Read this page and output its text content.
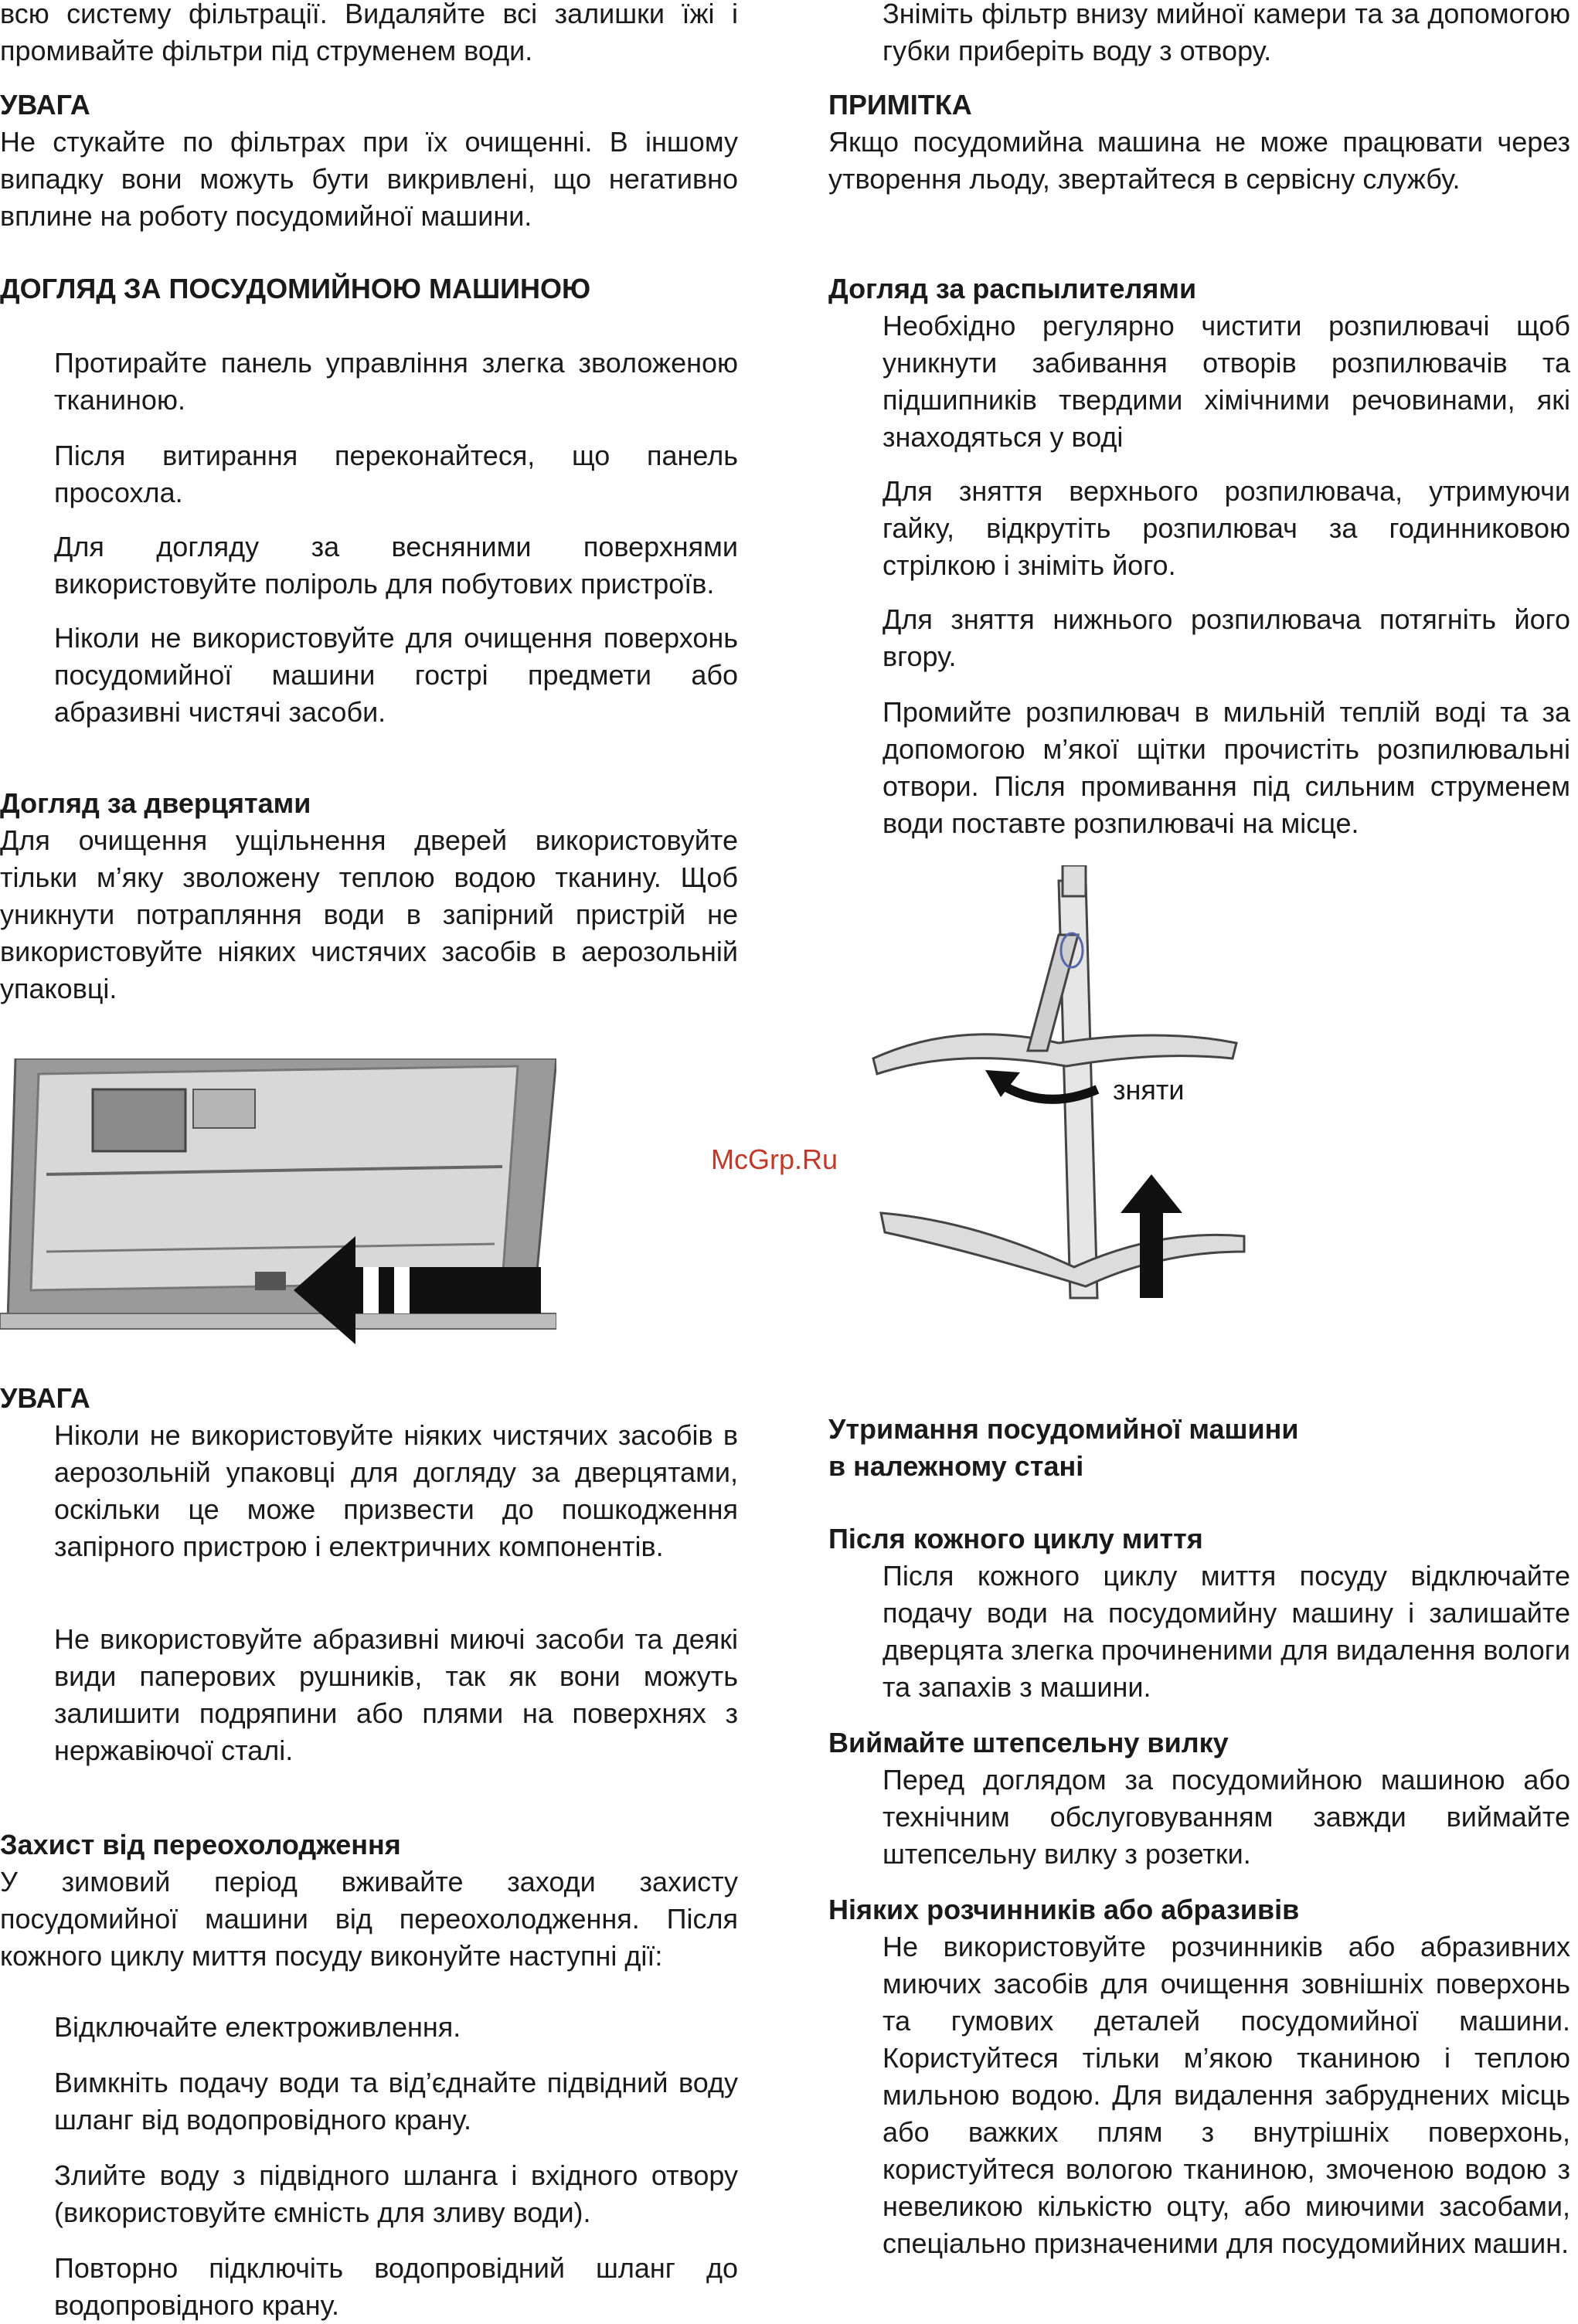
всю систему фільтрації. Видаляйте всі залишки їжі і промивайте фільтри під струменем води.

УВАГА

Не стукайте по фільтрах при їх очищенні. В іншому випадку вони можуть бути викривлені, що негативно вплине на роботу посудомийної машини.

ДОГЛЯД ЗА ПОСУДОМИЙНОЮ МАШИНОЮ

Протирайте панель управління злегка зволоженою тканиною.

Після витирання переконайтеся, що панель просохла.

Для догляду за весняними поверхнями використовуйте поліроль для побутових пристроїв.

Ніколи не використовуйте для очищення поверхонь посудомийної машини гострі предмети або абразивні чистячі засоби.

Догляд за дверцятами

Для очищення ущільнення дверей використовуйте тільки м’яку зволожену теплою водою тканину. Щоб уникнути потрапляння води в запірний пристрій не використовуйте ніяких чистячих засобів в аерозольній упаковці.

УВАГА

Ніколи не використовуйте ніяких чистячих засобів в аерозольній упаковці для догляду за дверцятами, оскільки це може призвести до пошкодження запірного пристрою і електричних компонентів.

Не використовуйте абразивні миючі засоби та деякі види паперових рушників, так як вони можуть залишити подряпини або плями на поверхнях з нержавіючої сталі.

Захист від переохолодження

У зимовий період вживайте заходи захисту посудомийної машини від переохолодження. Після кожного циклу миття посуду виконуйте наступні дії:

Відключайте електроживлення.

Вимкніть подачу води та від’єднайте підвідний воду шланг від водопровідного крану.

Злийте воду з підвідного шланга і вхідного отвору (використовуйте ємність для зливу води).

Повторно підключіть водопровідний шланг до водопровідного крану.

Зніміть фільтр внизу мийної камери та за допомогою губки приберіть воду з отвору.

ПРИМІТКА

Якщо посудомийна машина не може працювати через утворення льоду, звертайтеся в сервісну службу.

Догляд за распылителями

Необхідно регулярно чистити розпилювачі щоб уникнути забивання отворів розпилювачів та підшипників твердими хімічними речовинами, які знаходяться у воді

Для зняття верхнього розпилювача, утримуючи гайку, відкрутіть розпилювач за годинниковою стрілкою і зніміть його.

Для зняття нижнього розпилювача потягніть його вгору.

Промийте розпилювач в мильній теплій воді та за допомогою м’якої щітки прочистіть розпилювальні отвори. Після промивання під сильним струменем води поставте розпилювачі на місце.

McGrp.Ru
зняти

Утримання посудомийної машини

в належному стані

Після кожного циклу миття

Після кожного циклу миття посуду відключайте подачу води на посудомийну машину і залишайте дверцята злегка прочиненими для видалення вологи та запахів з машини.

Виймайте штепсельну вилку

Перед доглядом за посудомийною машиною або технічним обслуговуванням завжди виймайте штепсельну вилку з розетки.

Ніяких розчинників або абразивів

Не використовуйте розчинників або абразивних миючих засобів для очищення зовнішніх поверхонь та гумових деталей посудомийної машини. Користуйтеся тільки м’якою тканиною і теплою мильною водою. Для видалення забруднених місць або важких плям з внутрішніх поверхонь, користуйтеся вологою тканиною, змоченою водою з невеликою кількістю оцту, або миючими засобами, спеціально призначеними для посудомийних машин.
